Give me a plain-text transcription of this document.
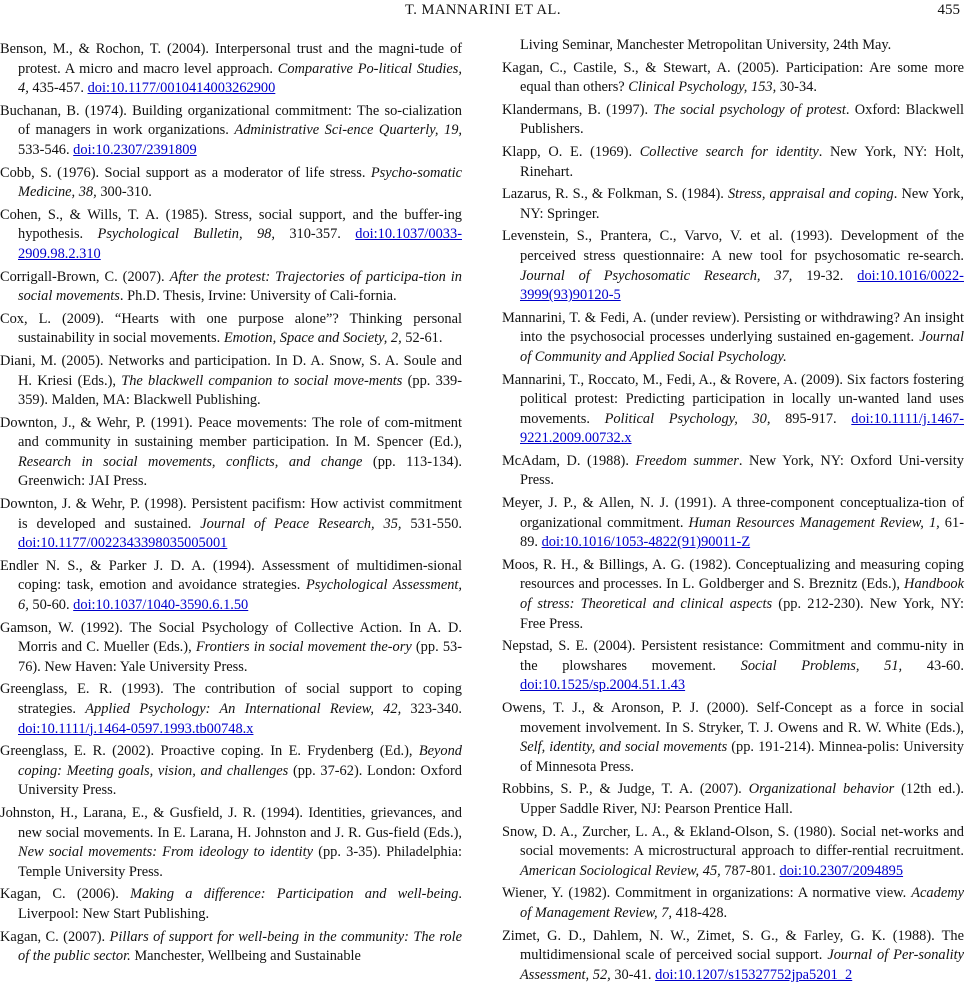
T. MANNARINI ET AL.	455

Benson, M., & Rochon, T. (2004). Interpersonal trust and the magni-tude of protest. A micro and macro level approach. Comparative Po-litical Studies, 4, 435-457. doi:10.1177/0010414003262900

Buchanan, B. (1974). Building organizational commitment: The so-cialization of managers in work organizations. Administrative Sci-ence Quarterly, 19, 533-546. doi:10.2307/2391809

Cobb, S. (1976). Social support as a moderator of life stress. Psycho-somatic Medicine, 38, 300-310.

Cohen, S., & Wills, T. A. (1985). Stress, social support, and the buffer-ing hypothesis. Psychological Bulletin, 98, 310-357. doi:10.1037/0033-2909.98.2.310

Corrigall-Brown, C. (2007). After the protest: Trajectories of participa-tion in social movements. Ph.D. Thesis, Irvine: University of Cali-fornia.

Cox, L. (2009). “Hearts with one purpose alone”? Thinking personal sustainability in social movements. Emotion, Space and Society, 2, 52-61.

Diani, M. (2005). Networks and participation. In D. A. Snow, S. A. Soule and H. Kriesi (Eds.), The blackwell companion to social move-ments (pp. 339-359). Malden, MA: Blackwell Publishing.

Downton, J., & Wehr, P. (1991). Peace movements: The role of com-mitment and community in sustaining member participation. In M. Spencer (Ed.), Research in social movements, conflicts, and change (pp. 113-134). Greenwich: JAI Press.

Downton, J. & Wehr, P. (1998). Persistent pacifism: How activist commitment is developed and sustained. Journal of Peace Research, 35, 531-550. doi:10.1177/0022343398035005001

Endler N. S., & Parker J. D. A. (1994). Assessment of multidimen-sional coping: task, emotion and avoidance strategies. Psychological Assessment, 6, 50-60. doi:10.1037/1040-3590.6.1.50

Gamson, W. (1992). The Social Psychology of Collective Action. In A. D. Morris and C. Mueller (Eds.), Frontiers in social movement the-ory (pp. 53-76). New Haven: Yale University Press.

Greenglass, E. R. (1993). The contribution of social support to coping strategies. Applied Psychology: An International Review, 42, 323-340. doi:10.1111/j.1464-0597.1993.tb00748.x

Greenglass, E. R. (2002). Proactive coping. In E. Frydenberg (Ed.), Beyond coping: Meeting goals, vision, and challenges (pp. 37-62). London: Oxford University Press.

Johnston, H., Larana, E., & Gusfield, J. R. (1994). Identities, grievances, and new social movements. In E. Larana, H. Johnston and J. R. Gus-field (Eds.), New social movements: From ideology to identity (pp. 3-35). Philadelphia: Temple University Press.

Kagan, C. (2006). Making a difference: Participation and well-being. Liverpool: New Start Publishing.

Kagan, C. (2007). Pillars of support for well-being in the community: The role of the public sector. Manchester, Wellbeing and Sustainable

Living Seminar, Manchester Metropolitan University, 24th May.

Kagan, C., Castile, S., & Stewart, A. (2005). Participation: Are some more equal than others? Clinical Psychology, 153, 30-34.

Klandermans, B. (1997). The social psychology of protest. Oxford: Blackwell Publishers.

Klapp, O. E. (1969). Collective search for identity. New York, NY: Holt, Rinehart.

Lazarus, R. S., & Folkman, S. (1984). Stress, appraisal and coping. New York, NY: Springer.

Levenstein, S., Prantera, C., Varvo, V. et al. (1993). Development of the perceived stress questionnaire: A new tool for psychosomatic re-search. Journal of Psychosomatic Research, 37, 19-32. doi:10.1016/0022-3999(93)90120-5

Mannarini, T. & Fedi, A. (under review). Persisting or withdrawing? An insight into the psychosocial processes underlying sustained en-gagement. Journal of Community and Applied Social Psychology.

Mannarini, T., Roccato, M., Fedi, A., & Rovere, A. (2009). Six factors fostering political protest: Predicting participation in locally un-wanted land uses movements. Political Psychology, 30, 895-917. doi:10.1111/j.1467-9221.2009.00732.x

McAdam, D. (1988). Freedom summer. New York, NY: Oxford Uni-versity Press.

Meyer, J. P., & Allen, N. J. (1991). A three-component conceptualiza-tion of organizational commitment. Human Resources Management Review, 1, 61-89. doi:10.1016/1053-4822(91)90011-Z

Moos, R. H., & Billings, A. G. (1982). Conceptualizing and measuring coping resources and processes. In L. Goldberger and S. Breznitz (Eds.), Handbook of stress: Theoretical and clinical aspects (pp. 212-230). New York, NY: Free Press.

Nepstad, S. E. (2004). Persistent resistance: Commitment and commu-nity in the plowshares movement. Social Problems, 51, 43-60. doi:10.1525/sp.2004.51.1.43

Owens, T. J., & Aronson, P. J. (2000). Self-Concept as a force in social movement involvement. In S. Stryker, T. J. Owens and R. W. White (Eds.), Self, identity, and social movements (pp. 191-214). Minnea-polis: University of Minnesota Press.

Robbins, S. P., & Judge, T. A. (2007). Organizational behavior (12th ed.). Upper Saddle River, NJ: Pearson Prentice Hall.

Snow, D. A., Zurcher, L. A., & Ekland-Olson, S. (1980). Social net-works and social movements: A microstructural approach to differ-rential recruitment. American Sociological Review, 45, 787-801. doi:10.2307/2094895

Wiener, Y. (1982). Commitment in organizations: A normative view. Academy of Management Review, 7, 418-428.

Zimet, G. D., Dahlem, N. W., Zimet, S. G., & Farley, G. K. (1988). The multidimensional scale of perceived social support. Journal of Per-sonality Assessment, 52, 30-41. doi:10.1207/s15327752jpa5201_2
